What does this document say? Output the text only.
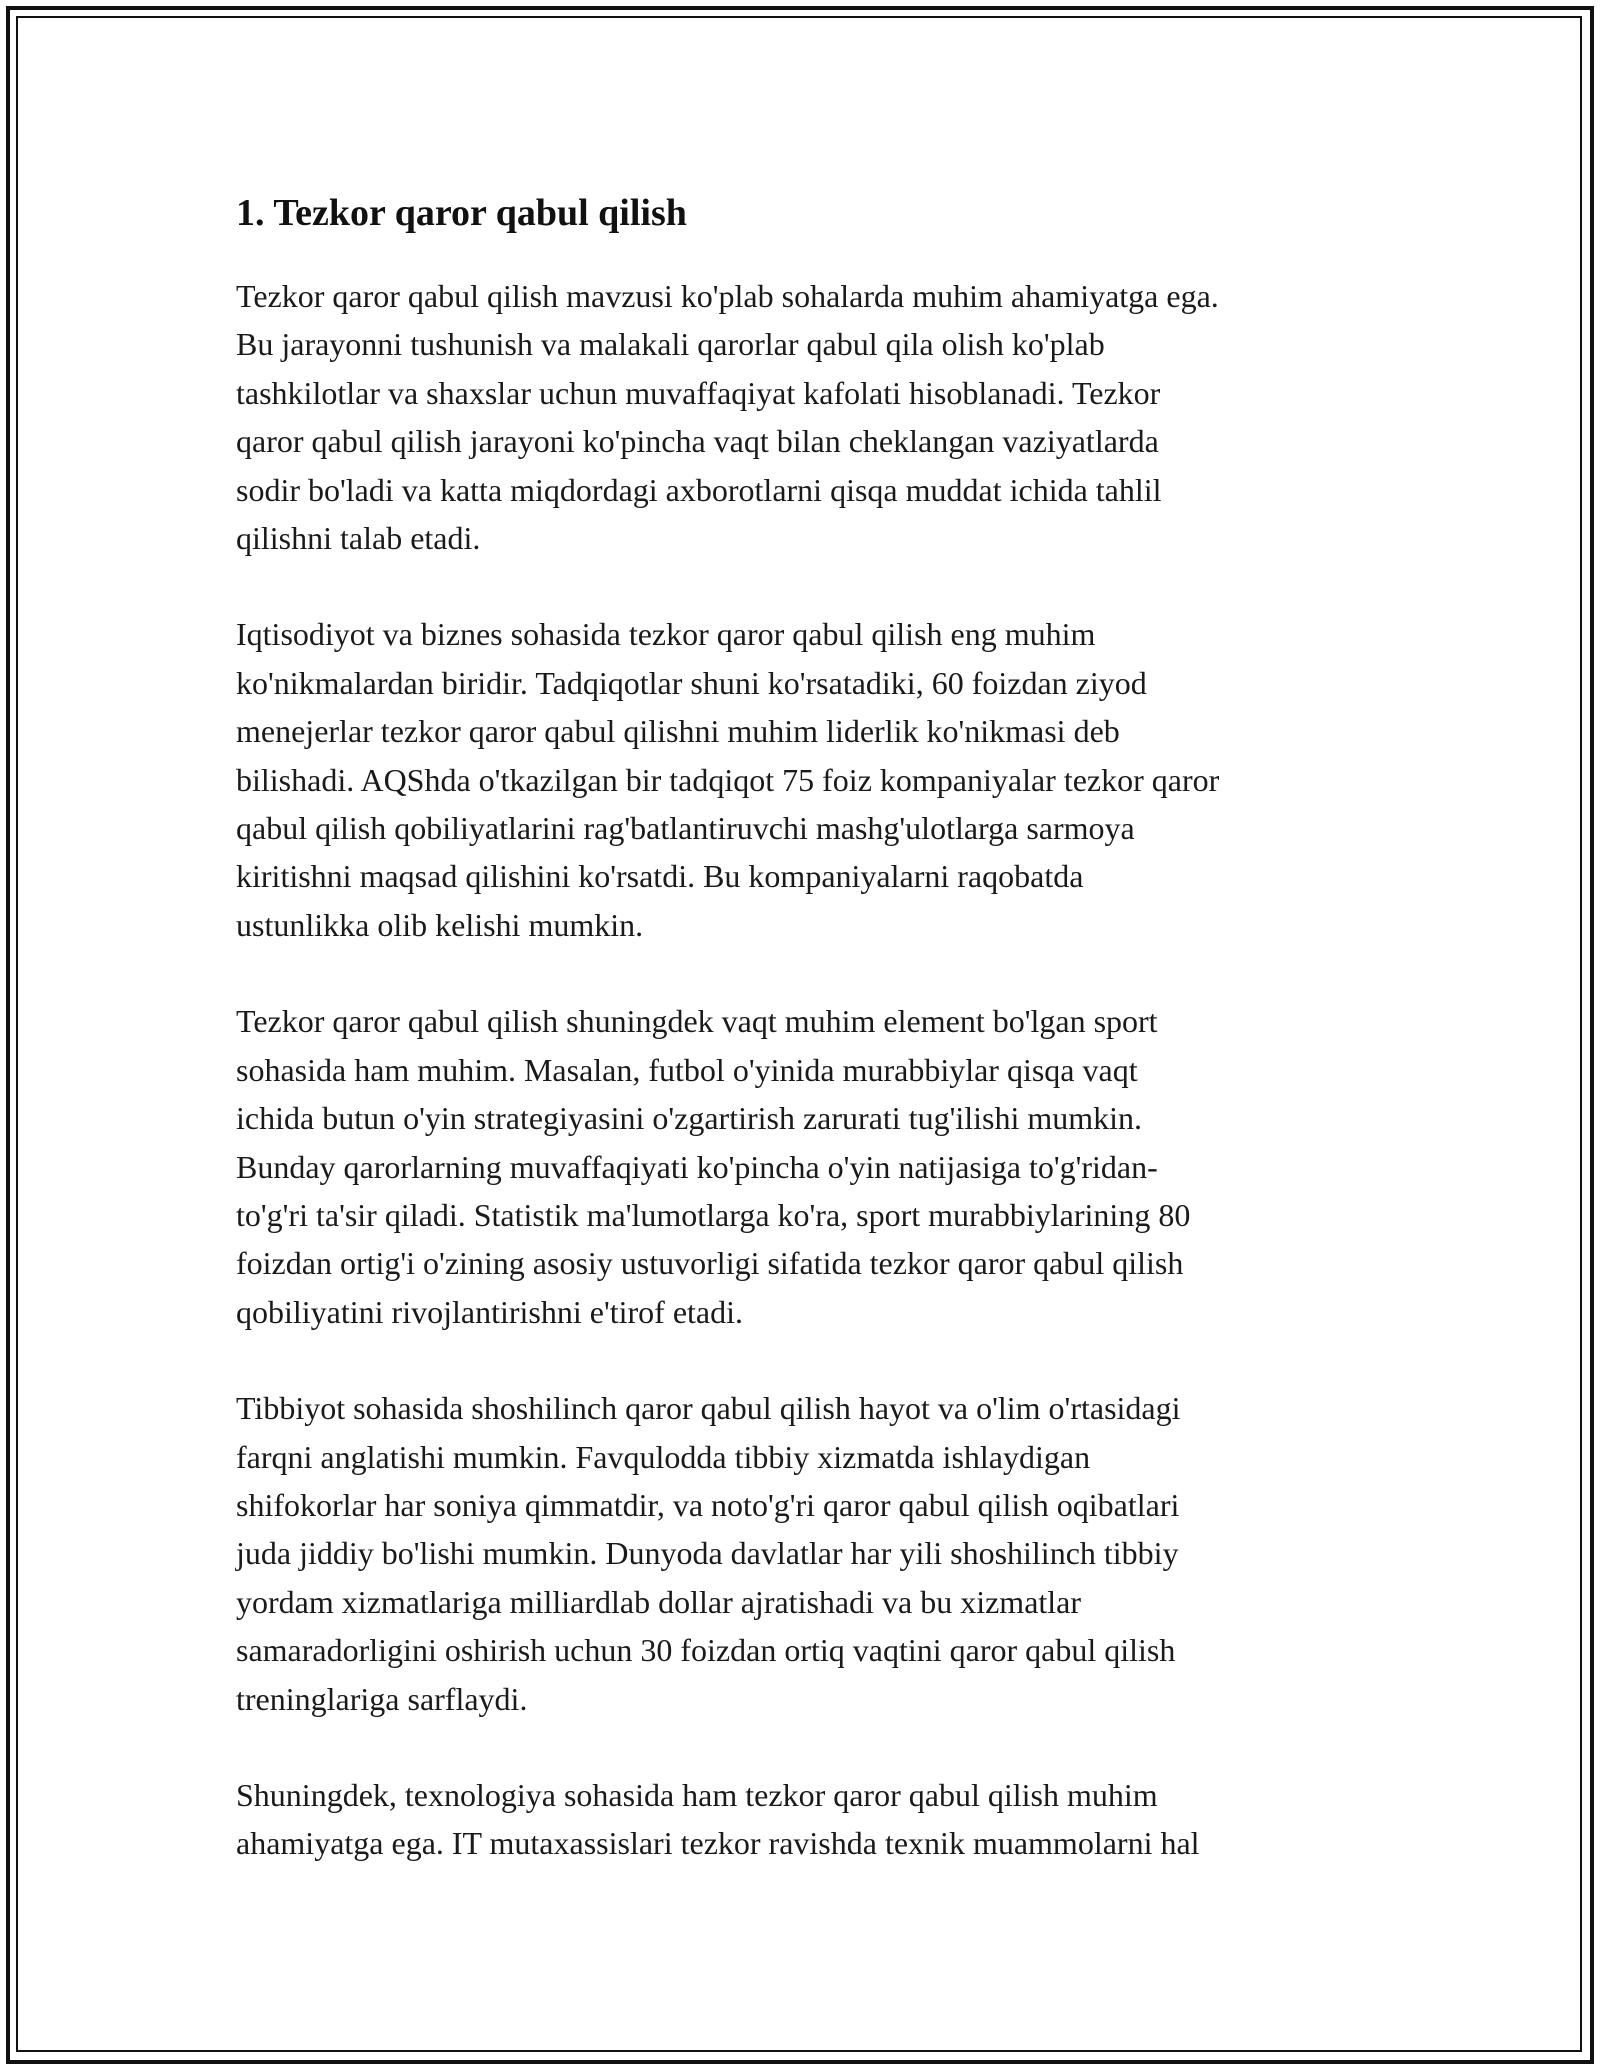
1. Tezkor qaror qabul qilish

Tezkor qaror qabul qilish mavzusi ko'plab sohalarda muhim ahamiyatga ega.
Bu jarayonni tushunish va malakali qarorlar qabul qila olish ko'plab
tashkilotlar va shaxslar uchun muvaffaqiyat kafolati hisoblanadi. Tezkor
qaror qabul qilish jarayoni ko'pincha vaqt bilan cheklangan vaziyatlarda
sodir bo'ladi va katta miqdordagi axborotlarni qisqa muddat ichida tahlil
qilishni talab etadi.

Iqtisodiyot va biznes sohasida tezkor qaror qabul qilish eng muhim
ko'nikmalardan biridir. Tadqiqotlar shuni ko'rsatadiki, 60 foizdan ziyod
menejerlar tezkor qaror qabul qilishni muhim liderlik ko'nikmasi deb
bilishadi. AQShda o'tkazilgan bir tadqiqot 75 foiz kompaniyalar tezkor qaror
qabul qilish qobiliyatlarini rag'batlantiruvchi mashg'ulotlarga sarmoya
kiritishni maqsad qilishini ko'rsatdi. Bu kompaniyalarni raqobatda
ustunlikka olib kelishi mumkin.

Tezkor qaror qabul qilish shuningdek vaqt muhim element bo'lgan sport
sohasida ham muhim. Masalan, futbol o'yinida murabbiylar qisqa vaqt
ichida butun o'yin strategiyasini o'zgartirish zarurati tug'ilishi mumkin.
Bunday qarorlarning muvaffaqiyati ko'pincha o'yin natijasiga to'g'ridan-
to'g'ri ta'sir qiladi. Statistik ma'lumotlarga ko'ra, sport murabbiylarining 80
foizdan ortig'i o'zining asosiy ustuvorligi sifatida tezkor qaror qabul qilish
qobiliyatini rivojlantirishni e'tirof etadi.

Tibbiyot sohasida shoshilinch qaror qabul qilish hayot va o'lim o'rtasidagi
farqni anglatishi mumkin. Favqulodda tibbiy xizmatda ishlaydigan
shifokorlar har soniya qimmatdir, va noto'g'ri qaror qabul qilish oqibatlari
juda jiddiy bo'lishi mumkin. Dunyoda davlatlar har yili shoshilinch tibbiy
yordam xizmatlariga milliardlab dollar ajratishadi va bu xizmatlar
samaradorligini oshirish uchun 30 foizdan ortiq vaqtini qaror qabul qilish
treninglariga sarflaydi.

Shuningdek, texnologiya sohasida ham tezkor qaror qabul qilish muhim
ahamiyatga ega. IT mutaxassislari tezkor ravishda texnik muammolarni hal
